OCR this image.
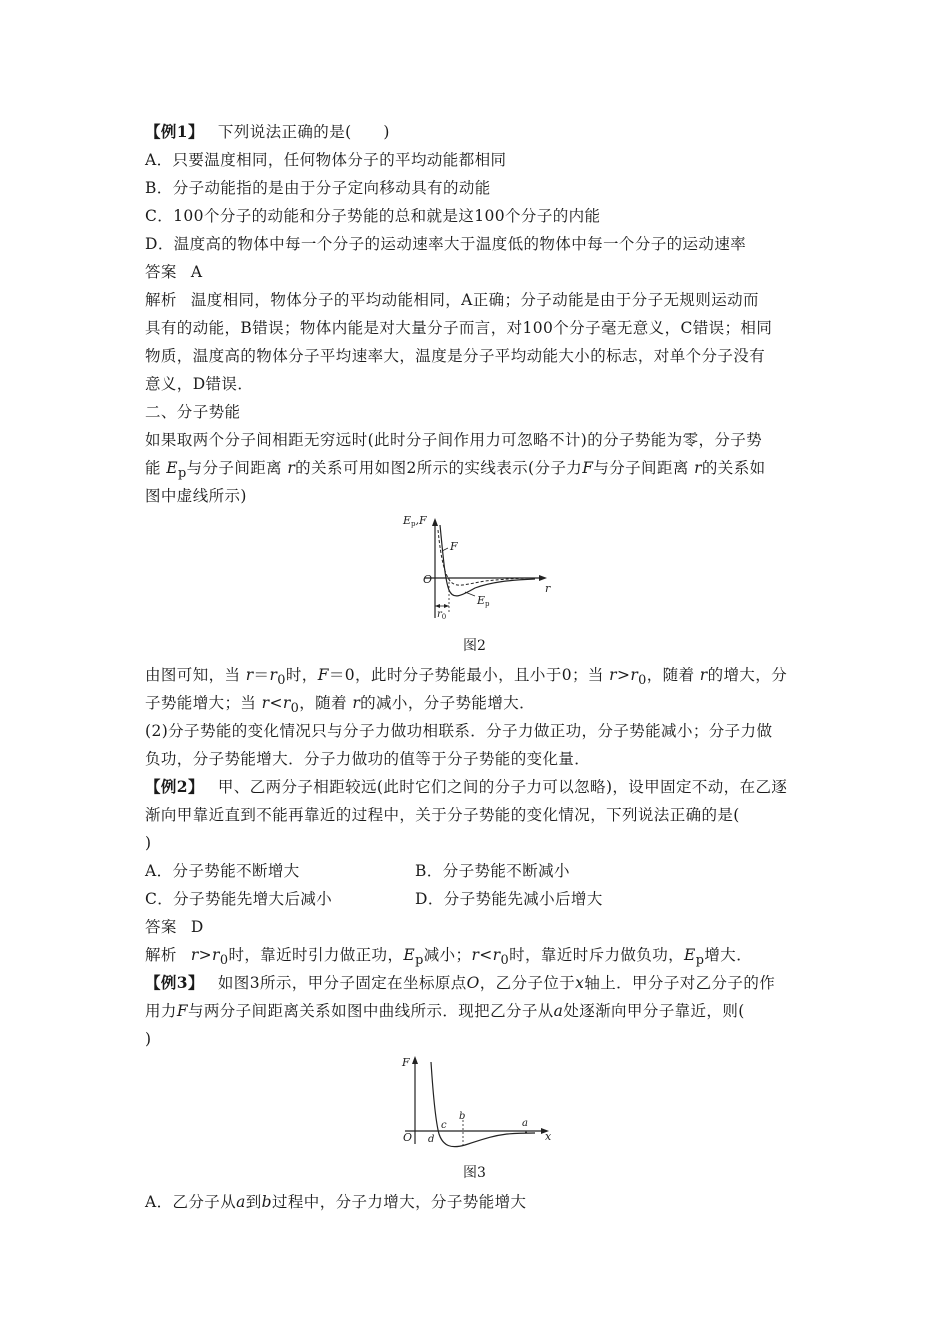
【例1】 下列说法正确的是(　　)
A．只要温度相同，任何物体分子的平均动能都相同
B．分子动能指的是由于分子定向移动具有的动能
C．100个分子的动能和分子势能的总和就是这100个分子的内能
D．温度高的物体中每一个分子的运动速率大于温度低的物体中每一个分子的运动速率
答案 A
解析 温度相同，物体分子的平均动能相同，A正确；分子动能是由于分子无规则运动而
具有的动能，B错误；物体内能是对大量分子而言，对100个分子毫无意义，C错误；相同
物质，温度高的物体分子平均速率大，温度是分子平均动能大小的标志，对单个分子没有
意义，D错误．
二、分子势能
如果取两个分子间相距无穷远时(此时分子间作用力可忽略不计)的分子势能为零，分子势
能 $E_p$与分子间距离 r的关系可用如图2所示的实线表示(分子力F与分子间距离 r的关系如
图中虚线所示)
Ep,F
O
r
F
Ep
$r_0$
图2
由图可知，当 $r=r_0$时，F＝0，此时分子势能最小，且小于0；当 $r>r_0$，随着 r的增大，分
子势能增大；当 $r<r_0$，随着 r的减小，分子势能增大．
(2)分子势能的变化情况只与分子力做功相联系．分子力做正功，分子势能减小；分子力做
负功，分子势能增大．分子力做功的值等于分子势能的变化量．
【例2】 甲、乙两分子相距较远(此时它们之间的分子力可以忽略)，设甲固定不动，在乙逐
渐向甲靠近直到不能再靠近的过程中，关于分子势能的变化情况，下列说法正确的是(
)
A．分子势能不断增大	B．分子势能不断减小
C．分子势能先增大后减小	D．分子势能先减小后增大
答案 D
解析 $r>r_0$时，靠近时引力做正功，$E_p$减小；$r<r_0$时，靠近时斥力做负功，$E_p$增大．
【例3】 如图3所示，甲分子固定在坐标原点O，乙分子位于x轴上．甲分子对乙分子的作
用力F与两分子间距离关系如图中曲线所示．现把乙分子从a处逐渐向甲分子靠近，则(
)
F
O	x
c
d
b
a
图3
A．乙分子从a到b过程中，分子力增大，分子势能增大
